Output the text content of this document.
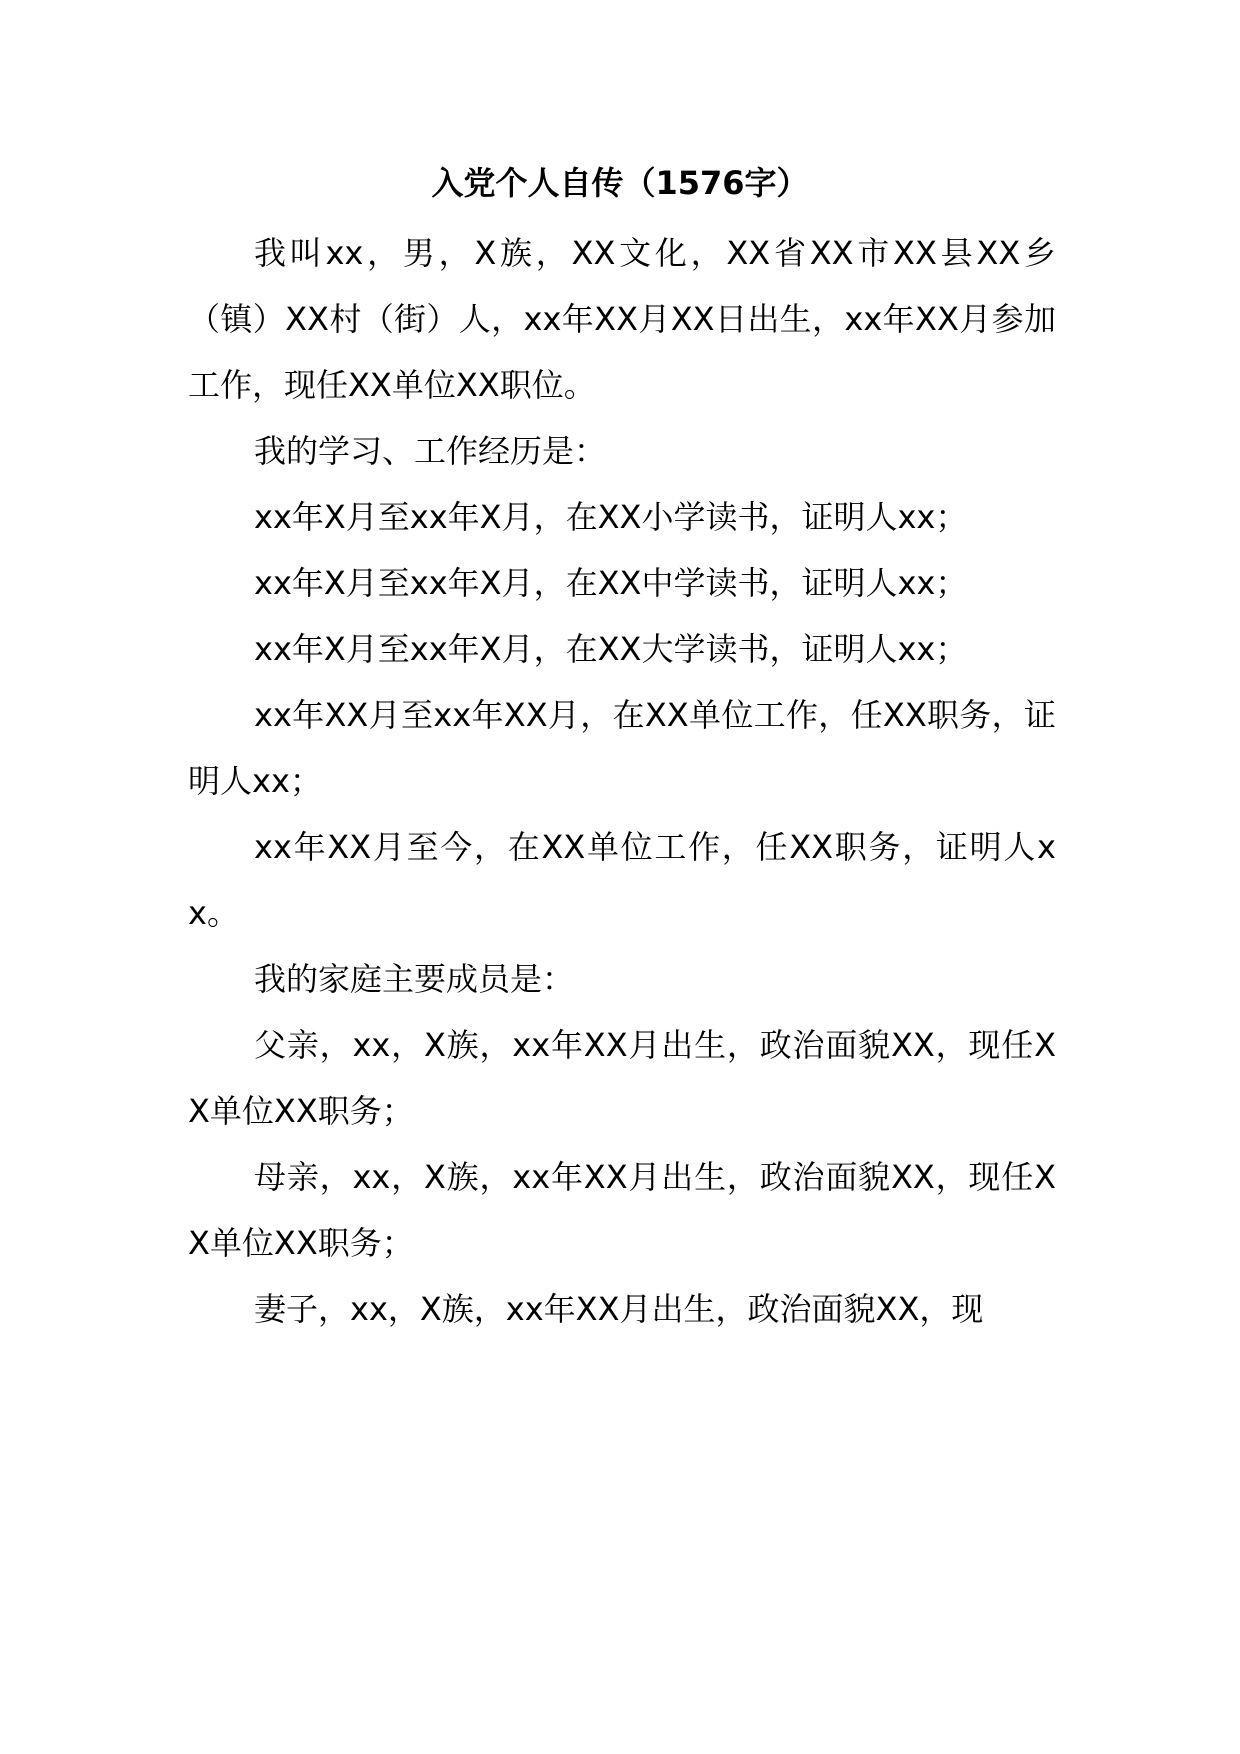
入党个人自传（1576字）

我叫xx，男，X族，XX文化，XX省XX市XX县XX乡（镇）XX村（街）人，xx年XX月XX日出生，xx年XX月参加工作，现任XX单位XX职位。

我的学习、工作经历是：

xx年X月至xx年X月，在XX小学读书，证明人xx；

xx年X月至xx年X月，在XX中学读书，证明人xx；

xx年X月至xx年X月，在XX大学读书，证明人xx；

xx年XX月至xx年XX月，在XX单位工作，任XX职务，证明人xx；

xx年XX月至今，在XX单位工作，任XX职务，证明人xx。

我的家庭主要成员是：

父亲，xx，X族，xx年XX月出生，政治面貌XX，现任XX单位XX职务；

母亲，xx，X族，xx年XX月出生，政治面貌XX，现任XX单位XX职务；

妻子，xx，X族，xx年XX月出生，政治面貌XX，现
